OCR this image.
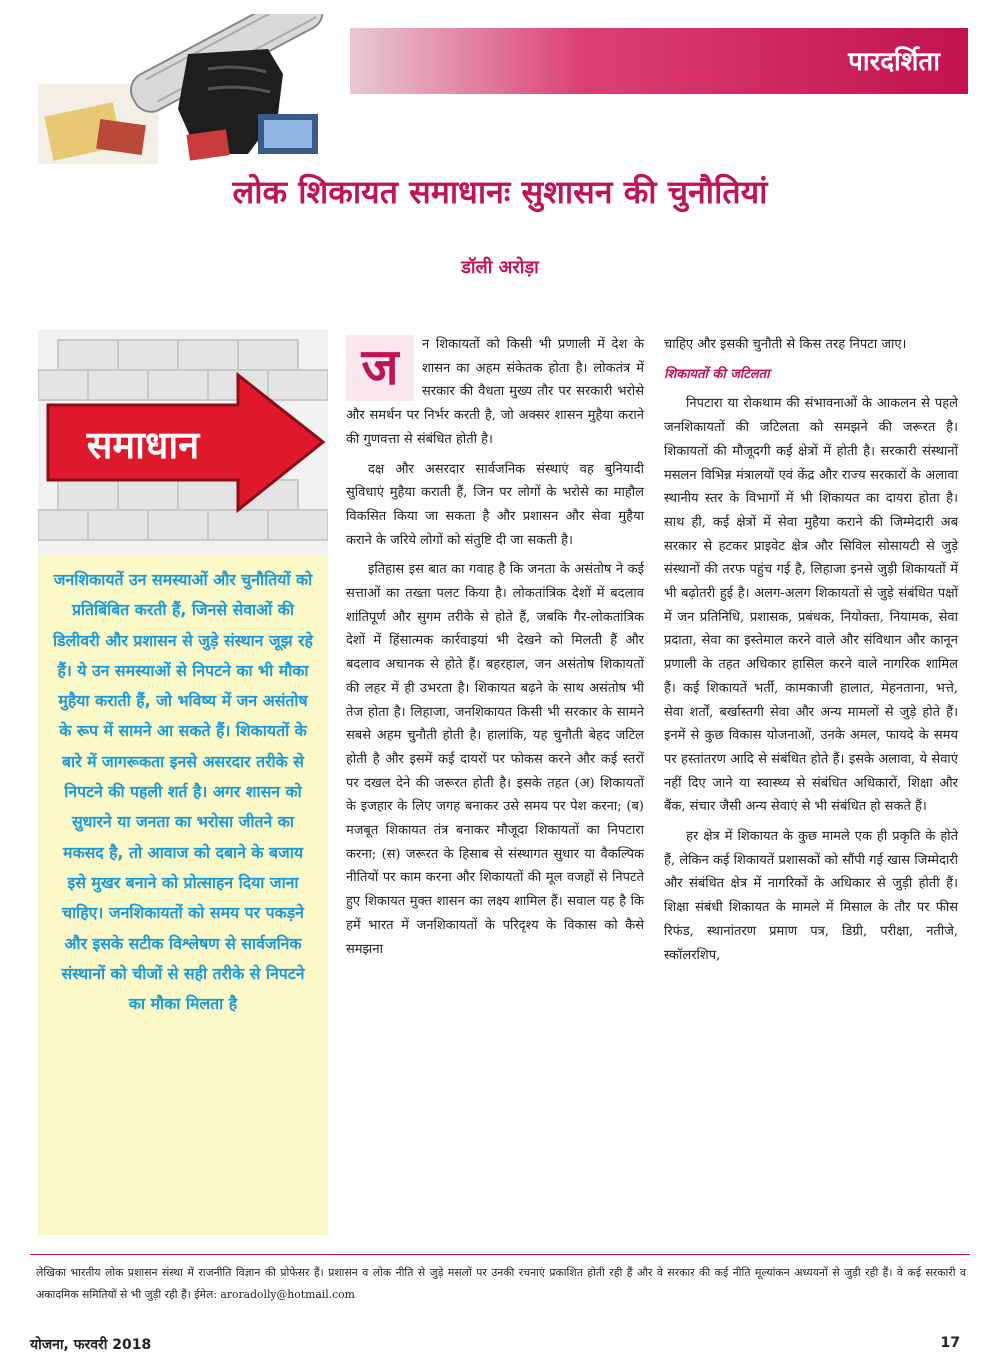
पारदर्शिता
लोक शिकायत समाधानः सुशासन की चुनौतियां
डॉली अरोड़ा
समाधान

जनशिकायतें उन समस्याओं और चुनौतियों को प्रतिबिंबित करती हैं, जिनसे सेवाओं की डिलीवरी और प्रशासन से जुड़े संस्थान जूझ रहे हैं। ये उन समस्याओं से निपटने का भी मौका मुहैया कराती हैं, जो भविष्य में जन असंतोष के रूप में सामने आ सकते हैं। शिकायतों के बारे में जागरूकता इनसे असरदार तरीके से निपटने की पहली शर्त है। अगर शासन को सुधारने या जनता का भरोसा जीतने का मकसद है, तो आवाज को दबाने के बजाय इसे मुखर बनाने को प्रोत्साहन दिया जाना चाहिए। जनशिकायतों को समय पर पकड़ने और इसके सटीक विश्लेषण से सार्वजनिक संस्थानों को चीजों से सही तरीके से निपटने का मौका मिलता है

ज	न शिकायतों को किसी भी प्रणाली में देश के शासन का अहम संकेतक होता है। लोकतंत्र में सरकार की वैधता मुख्य तौर पर सरकारी भरोसे और समर्थन पर निर्भर करती है, जो अक्सर शासन मुहैया कराने की गुणवत्ता से संबंधित होती है।

दक्ष और असरदार सार्वजनिक संस्थाएं वह बुनियादी सुविधाएं मुहैया कराती हैं, जिन पर लोगों के भरोसे का माहौल विकसित किया जा सकता है और प्रशासन और सेवा मुहैया कराने के जरिये लोगों को संतुष्टि दी जा सकती है।

इतिहास इस बात का गवाह है कि जनता के असंतोष ने कई सत्ताओं का तख्ता पलट किया है। लोकतांत्रिक देशों में बदलाव शांतिपूर्ण और सुगम तरीके से होते हैं, जबकि गैर-लोकतांत्रिक देशों में हिंसात्मक कार्रवाइयां भी देखने को मिलती हैं और बदलाव अचानक से होते हैं। बहरहाल, जन असंतोष शिकायतों की लहर में ही उभरता है। शिकायत बढ़ने के साथ असंतोष भी तेज होता है। लिहाजा, जनशिकायत किसी भी सरकार के सामने सबसे अहम चुनौती होती है। हालांकि, यह चुनौती बेहद जटिल होती है और इसमें कई दायरों पर फोकस करने और कई स्तरों पर दखल देने की जरूरत होती है। इसके तहत (अ) शिकायतों के इजहार के लिए जगह बनाकर उसे समय पर पेश करना; (ब) मजबूत शिकायत तंत्र बनाकर मौजूदा शिकायतों का निपटारा करना; (स) जरूरत के हिसाब से संस्थागत सुधार या वैकल्पिक नीतियों पर काम करना और शिकायतों की मूल वजहों से निपटते हुए शिकायत मुक्त शासन का लक्ष्य शामिल हैं। सवाल यह है कि हमें भारत में जनशिकायतों के परिदृश्य के विकास को कैसे समझना

चाहिए और इसकी चुनौती से किस तरह निपटा जाए।

शिकायतों की जटिलता

निपटारा या रोकथाम की संभावनाओं के आकलन से पहले जनशिकायतों की जटिलता को समझने की जरूरत है। शिकायतों की मौजूदगी कई क्षेत्रों में होती है। सरकारी संस्थानों मसलन विभिन्न मंत्रालयों एवं केंद्र और राज्य सरकारों के अलावा स्थानीय स्तर के विभागों में भी शिकायत का दायरा होता है। साथ ही, कई क्षेत्रों में सेवा मुहैया कराने की जिम्मेदारी अब सरकार से हटकर प्राइवेट क्षेत्र और सिविल सोसायटी से जुड़े संस्थानों की तरफ पहुंच गई है, लिहाजा इनसे जुड़ी शिकायतों में भी बढ़ोतरी हुई है। अलग-अलग शिकायतों से जुड़े संबंधित पक्षों में जन प्रतिनिधि, प्रशासक, प्रबंधक, नियोक्ता, नियामक, सेवा प्रदाता, सेवा का इस्तेमाल करने वाले और संविधान और कानून प्रणाली के तहत अधिकार हासिल करने वाले नागरिक शामिल हैं। कई शिकायतें भर्ती, कामकाजी हालात, मेहनताना, भत्ते, सेवा शर्तों, बर्खास्तगी सेवा और अन्य मामलों से जुड़े होते हैं। इनमें से कुछ विकास योजनाओं, उनके अमल, फायदे के समय पर हस्तांतरण आदि से संबंधित होते हैं। इसके अलावा, ये सेवाएं नहीं दिए जाने या स्वास्थ्य से संबंधित अधिकारों, शिक्षा और बैंक, संचार जैसी अन्य सेवाएं से भी संबंधित हो सकते हैं।

हर क्षेत्र में शिकायत के कुछ मामले एक ही प्रकृति के होते हैं, लेकिन कई शिकायतें प्रशासकों को सौंपी गई खास जिम्मेदारी और संबंधित क्षेत्र में नागरिकों के अधिकार से जुड़ी होती हैं। शिक्षा संबंधी शिकायत के मामले में मिसाल के तौर पर फीस रिफंड, स्थानांतरण प्रमाण पत्र, डिग्री, परीक्षा, नतीजे, स्कॉलरशिप,

लेखिका भारतीय लोक प्रशासन संस्था में राजनीति विज्ञान की प्रोफेसर हैं। प्रशासन व लोक नीति से जुड़े मसलों पर उनकी रचनाएं प्रकाशित होती रही हैं और वे सरकार की कई नीति मूल्यांकन अध्ययनों से जुड़ी रही हैं। वे कई सरकारी व अकादमिक समितियों से भी जुड़ी रही हैं। ईमेल: aroradolly@hotmail.com
योजना, फरवरी 2018	17
